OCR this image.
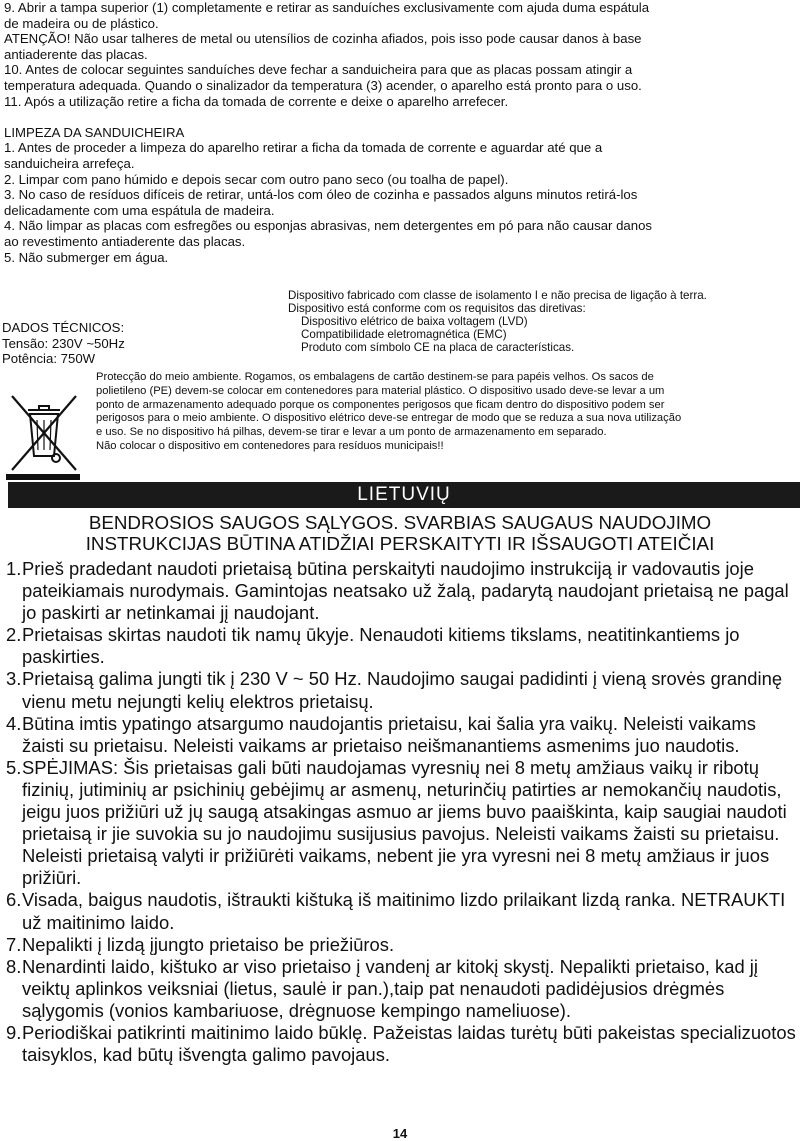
9. Abrir a tampa superior (1) completamente e retirar as sanduíches exclusivamente com ajuda duma espátula
de madeira ou de plástico.

ATENÇÃO! Não usar talheres de metal ou utensílios de cozinha afiados, pois isso pode causar danos à base
antiaderente das placas.

10. Antes de colocar seguintes sanduíches deve fechar a sanduicheira para que as placas possam atingir a
temperatura adequada. Quando o sinalizador da temperatura (3) acender, o aparelho está pronto para o uso.

11. Após a utilização retire a ficha da tomada de corrente e deixe o aparelho arrefecer.

LIMPEZA DA SANDUICHEIRA

1. Antes de proceder a limpeza do aparelho retirar a ficha da tomada de corrente e aguardar até que a
sanduicheira arrefeça.

2. Limpar com pano húmido e depois secar com outro pano seco (ou toalha de papel).

3. No caso de resíduos difíceis de retirar, untá-los com óleo de cozinha e passados alguns minutos retirá-los
delicadamente com uma espátula de madeira.

4. Não limpar as placas com esfregões ou esponjas abrasivas, nem detergentes em pó para não causar danos
ao revestimento antiaderente das placas.

5. Não submerger em água.

DADOS TÉCNICOS:

Tensão: 230V ~50Hz

Potência: 750W

Dispositivo fabricado com classe de isolamento I e não precisa de ligação à terra.

Dispositivo está conforme com os requisitos das diretivas:

Dispositivo elétrico de baixa voltagem (LVD)

Compatibilidade eletromagnética (EMC)

Produto com símbolo CE na placa de características.

Protecção do meio ambiente. Rogamos, os embalagens de cartão destinem-se para papéis velhos. Os sacos de

polietileno (PE) devem-se colocar em contenedores para material plástico. O dispositivo usado deve-se levar a um

ponto de armazenamento adequado porque os componentes perigosos que ficam dentro do dispositivo podem ser

perigosos para o meio ambiente. O dispositivo elétrico deve-se entregar de modo que se reduza a sua nova utilização

e uso. Se no dispositivo há pilhas, devem-se tirar e levar a um ponto de armazenamento em separado.

Não colocar o dispositivo em contenedores para resíduos municipais!!

LIETUVIŲ

BENDROSIOS SAUGOS SĄLYGOS. SVARBIAS SAUGAUS NAUDOJIMO

INSTRUKCIJAS BŪTINA ATIDŽIAI PERSKAITYTI IR IŠSAUGOTI ATEIČIAI

1. Prieš pradedant naudoti prietaisą būtina perskaityti naudojimo instrukciją ir vadovautis joje pateikiamais nurodymais. Gamintojas neatsako už žalą, padarytą naudojant prietaisą ne pagal jo paskirti ar netinkamai jį naudojant.
2. Prietaisas skirtas naudoti tik namų ūkyje. Nenaudoti kitiems tikslams, neatitinkantiems jo paskirties.
3. Prietaisą galima jungti tik į 230 V ~ 50 Hz. Naudojimo saugai padidinti į vieną srovės grandinę vienu metu nejungti kelių elektros prietaisų.
4. Būtina imtis ypatingo atsargumo naudojantis prietaisu, kai šalia yra vaikų. Neleisti vaikams žaisti su prietaisu. Neleisti vaikams ar prietaiso neišmanantiems asmenims juo naudotis.
5. SPĖJIMAS: Šis prietaisas gali būti naudojamas vyresnių nei 8 metų amžiaus vaikų ir ribotų fizinių, jutiminių ar psichinių gebėjimų ar asmenų, neturinčių patirties ar nemokančių naudotis, jeigu juos prižiūri už jų saugą atsakingas asmuo ar jiems buvo paaiškinta, kaip saugiai naudoti prietaisą ir jie suvokia su jo naudojimu susijusius pavojus. Neleisti vaikams žaisti su prietaisu. Neleisti prietaisą valyti ir prižiūrėti vaikams, nebent jie yra vyresni nei 8 metų amžiaus ir juos prižiūri.
6. Visada, baigus naudotis, ištraukti kištuką iš maitinimo lizdo prilaikant lizdą ranka. NETRAUKTI už maitinimo laido.
7. Nepalikti į lizdą įjungto prietaiso be priežiūros.
8. Nenardinti laido, kištuko ar viso prietaiso į vandenį ar kitokį skystį. Nepalikti prietaiso, kad jį veiktų aplinkos veiksniai (lietus, saulė ir pan.),taip pat nenaudoti padidėjusios drėgmės sąlygomis (vonios kambariuose, drėgnuose kempingo nameliuose).
9. Periodiškai patikrinti maitinimo laido būklę. Pažeistas laidas turėtų būti pakeistas specializuotos taisyklos, kad būtų išvengta galimo pavojaus.
14
